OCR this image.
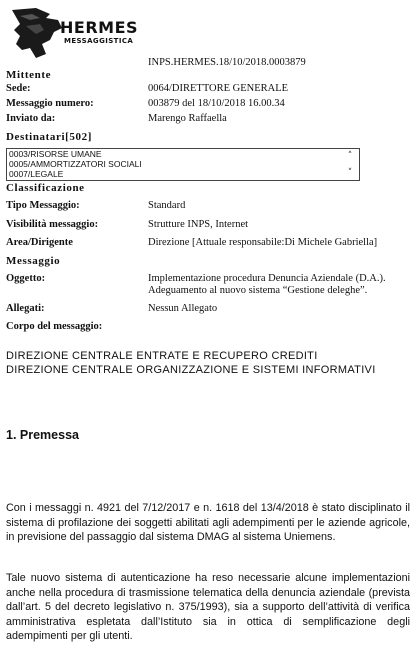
HERMES
MESSAGGISTICA
INPS.HERMES.18/10/2018.0003879
Mittente
Sede:	0064/DIRETTORE GENERALE
Messaggio numero:	003879 del 18/10/2018 16.00.34
Inviato da:	Marengo Raffaella
Destinatari[502]
0003/RISORSE UMANE
0005/AMMORTIZZATORI SOCIALI
0007/LEGALE
˄
˅
Classificazione
Tipo Messaggio:	Standard
Visibilità messaggio:	Strutture INPS, Internet
Area/Dirigente	Direzione [Attuale responsabile:Di Michele Gabriella]
Messaggio
Oggetto:	Implementazione procedura Denuncia Aziendale (D.A.). Adeguamento al nuovo sistema “Gestione deleghe”.
Allegati:	Nessun Allegato
Corpo del messaggio:
DIREZIONE CENTRALE ENTRATE E RECUPERO CREDITI
DIREZIONE CENTRALE ORGANIZZAZIONE E SISTEMI INFORMATIVI
1. Premessa

Con i messaggi n. 4921 del 7/12/2017 e n. 1618 del 13/4/2018 è stato disciplinato il sistema di profilazione dei soggetti abilitati agli adempimenti per le aziende agricole, in previsione del passaggio dal sistema DMAG al sistema Uniemens.

Tale nuovo sistema di autenticazione ha reso necessarie alcune implementazioni anche nella procedura di trasmissione telematica della denuncia aziendale (prevista dall’art. 5 del decreto legislativo n. 375/1993), sia a supporto dell’attività di verifica amministrativa espletata dall’Istituto sia in ottica di semplificazione degli adempimenti per gli utenti.
